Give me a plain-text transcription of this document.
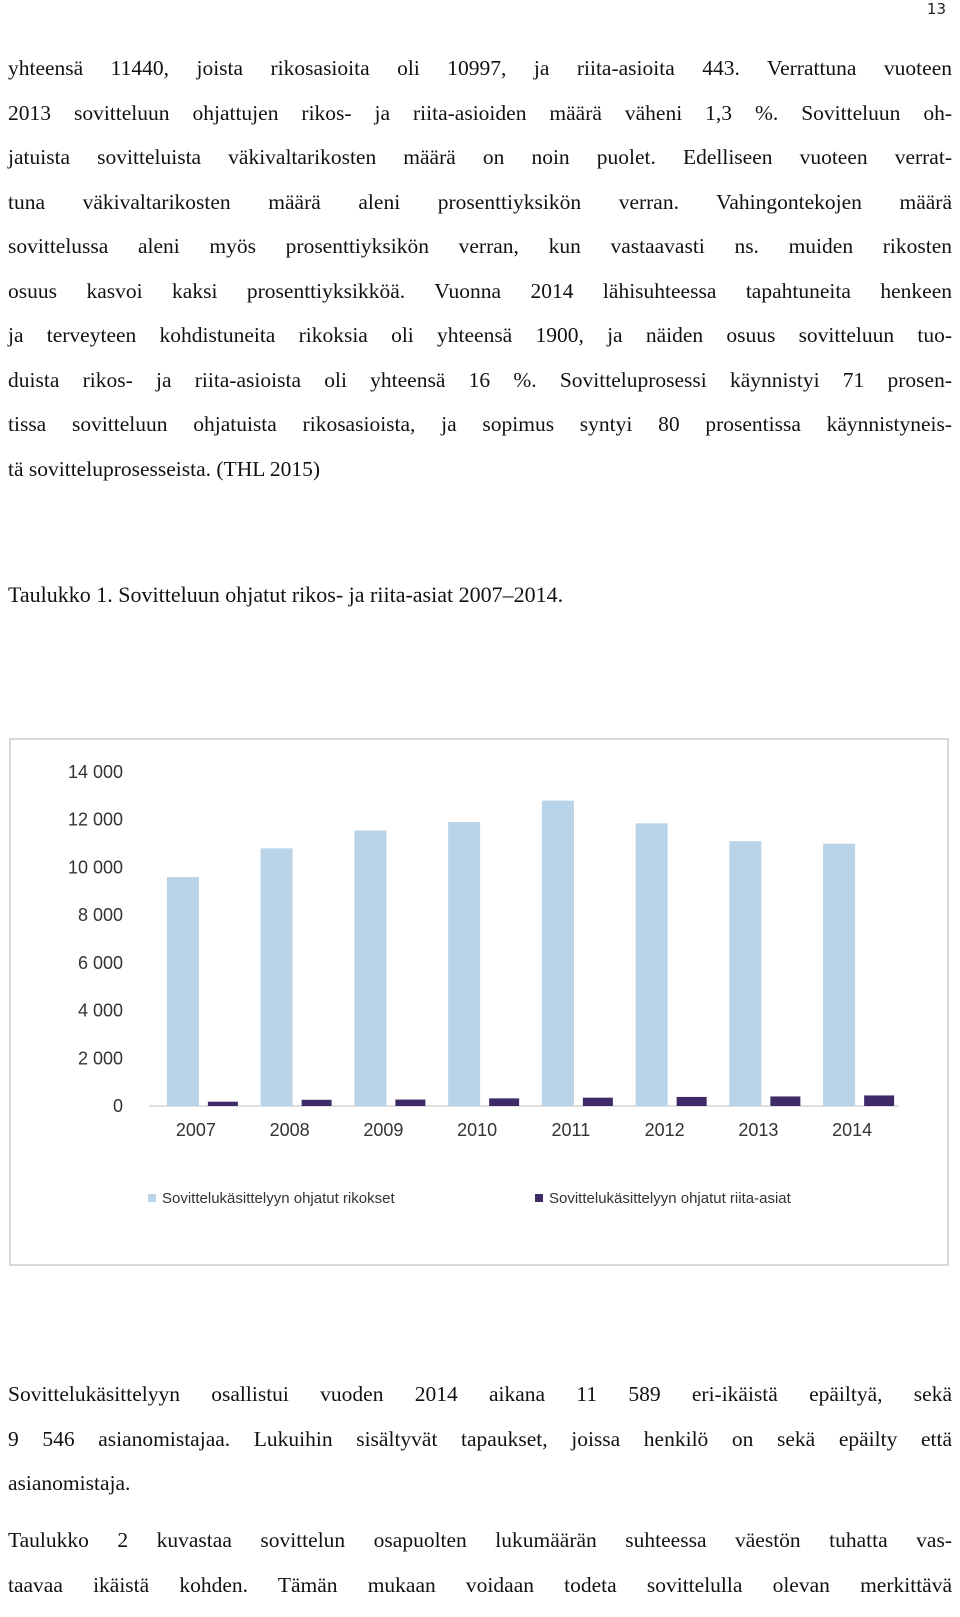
13
yhteensä 11440, joista rikosasioita oli 10997, ja riita-asioita 443. Verrattuna vuoteen
2013 sovitteluun ohjattujen rikos- ja riita-asioiden määrä väheni 1,3 %. Sovitteluun oh-
jatuista sovitteluista väkivaltarikosten määrä on noin puolet. Edelliseen vuoteen verrat-
tuna väkivaltarikosten määrä aleni prosenttiyksikön verran. Vahingontekojen määrä
sovittelussa aleni myös prosenttiyksikön verran, kun vastaavasti ns. muiden rikosten
osuus kasvoi kaksi prosenttiyksikköä. Vuonna 2014 lähisuhteessa tapahtuneita henkeen
ja terveyteen kohdistuneita rikoksia oli yhteensä 1900, ja näiden osuus sovitteluun tuo-
duista rikos- ja riita-asioista oli yhteensä 16 %. Sovitteluprosessi käynnistyi 71 prosen-
tissa sovitteluun ohjatuista rikosasioista, ja sopimus syntyi 80 prosentissa käynnistyneis-
tä sovitteluprosesseista. (THL 2015)

Taulukko 1. Sovitteluun ohjatut rikos- ja riita-asiat 2007–2014.

0
2 000
4 000
6 000
8 000
10 000
12 000
14 000
2007	2008	2009	2010	2011	2012	2013	2014
Sovittelukäsittelyyn ohjatut rikokset	Sovittelukäsittelyyn ohjatut riita-asiat
Sovittelukäsittelyyn osallistui vuoden 2014 aikana 11 589 eri-ikäistä epäiltyä, sekä
9 546 asianomistajaa. Lukuihin sisältyvät tapaukset, joissa henkilö on sekä epäilty että
asianomistaja.
Taulukko 2 kuvastaa sovittelun osapuolten lukumäärän suhteessa väestön tuhatta vas-
taavaa ikäistä kohden. Tämän mukaan voidaan todeta sovittelulla olevan merkittävä
